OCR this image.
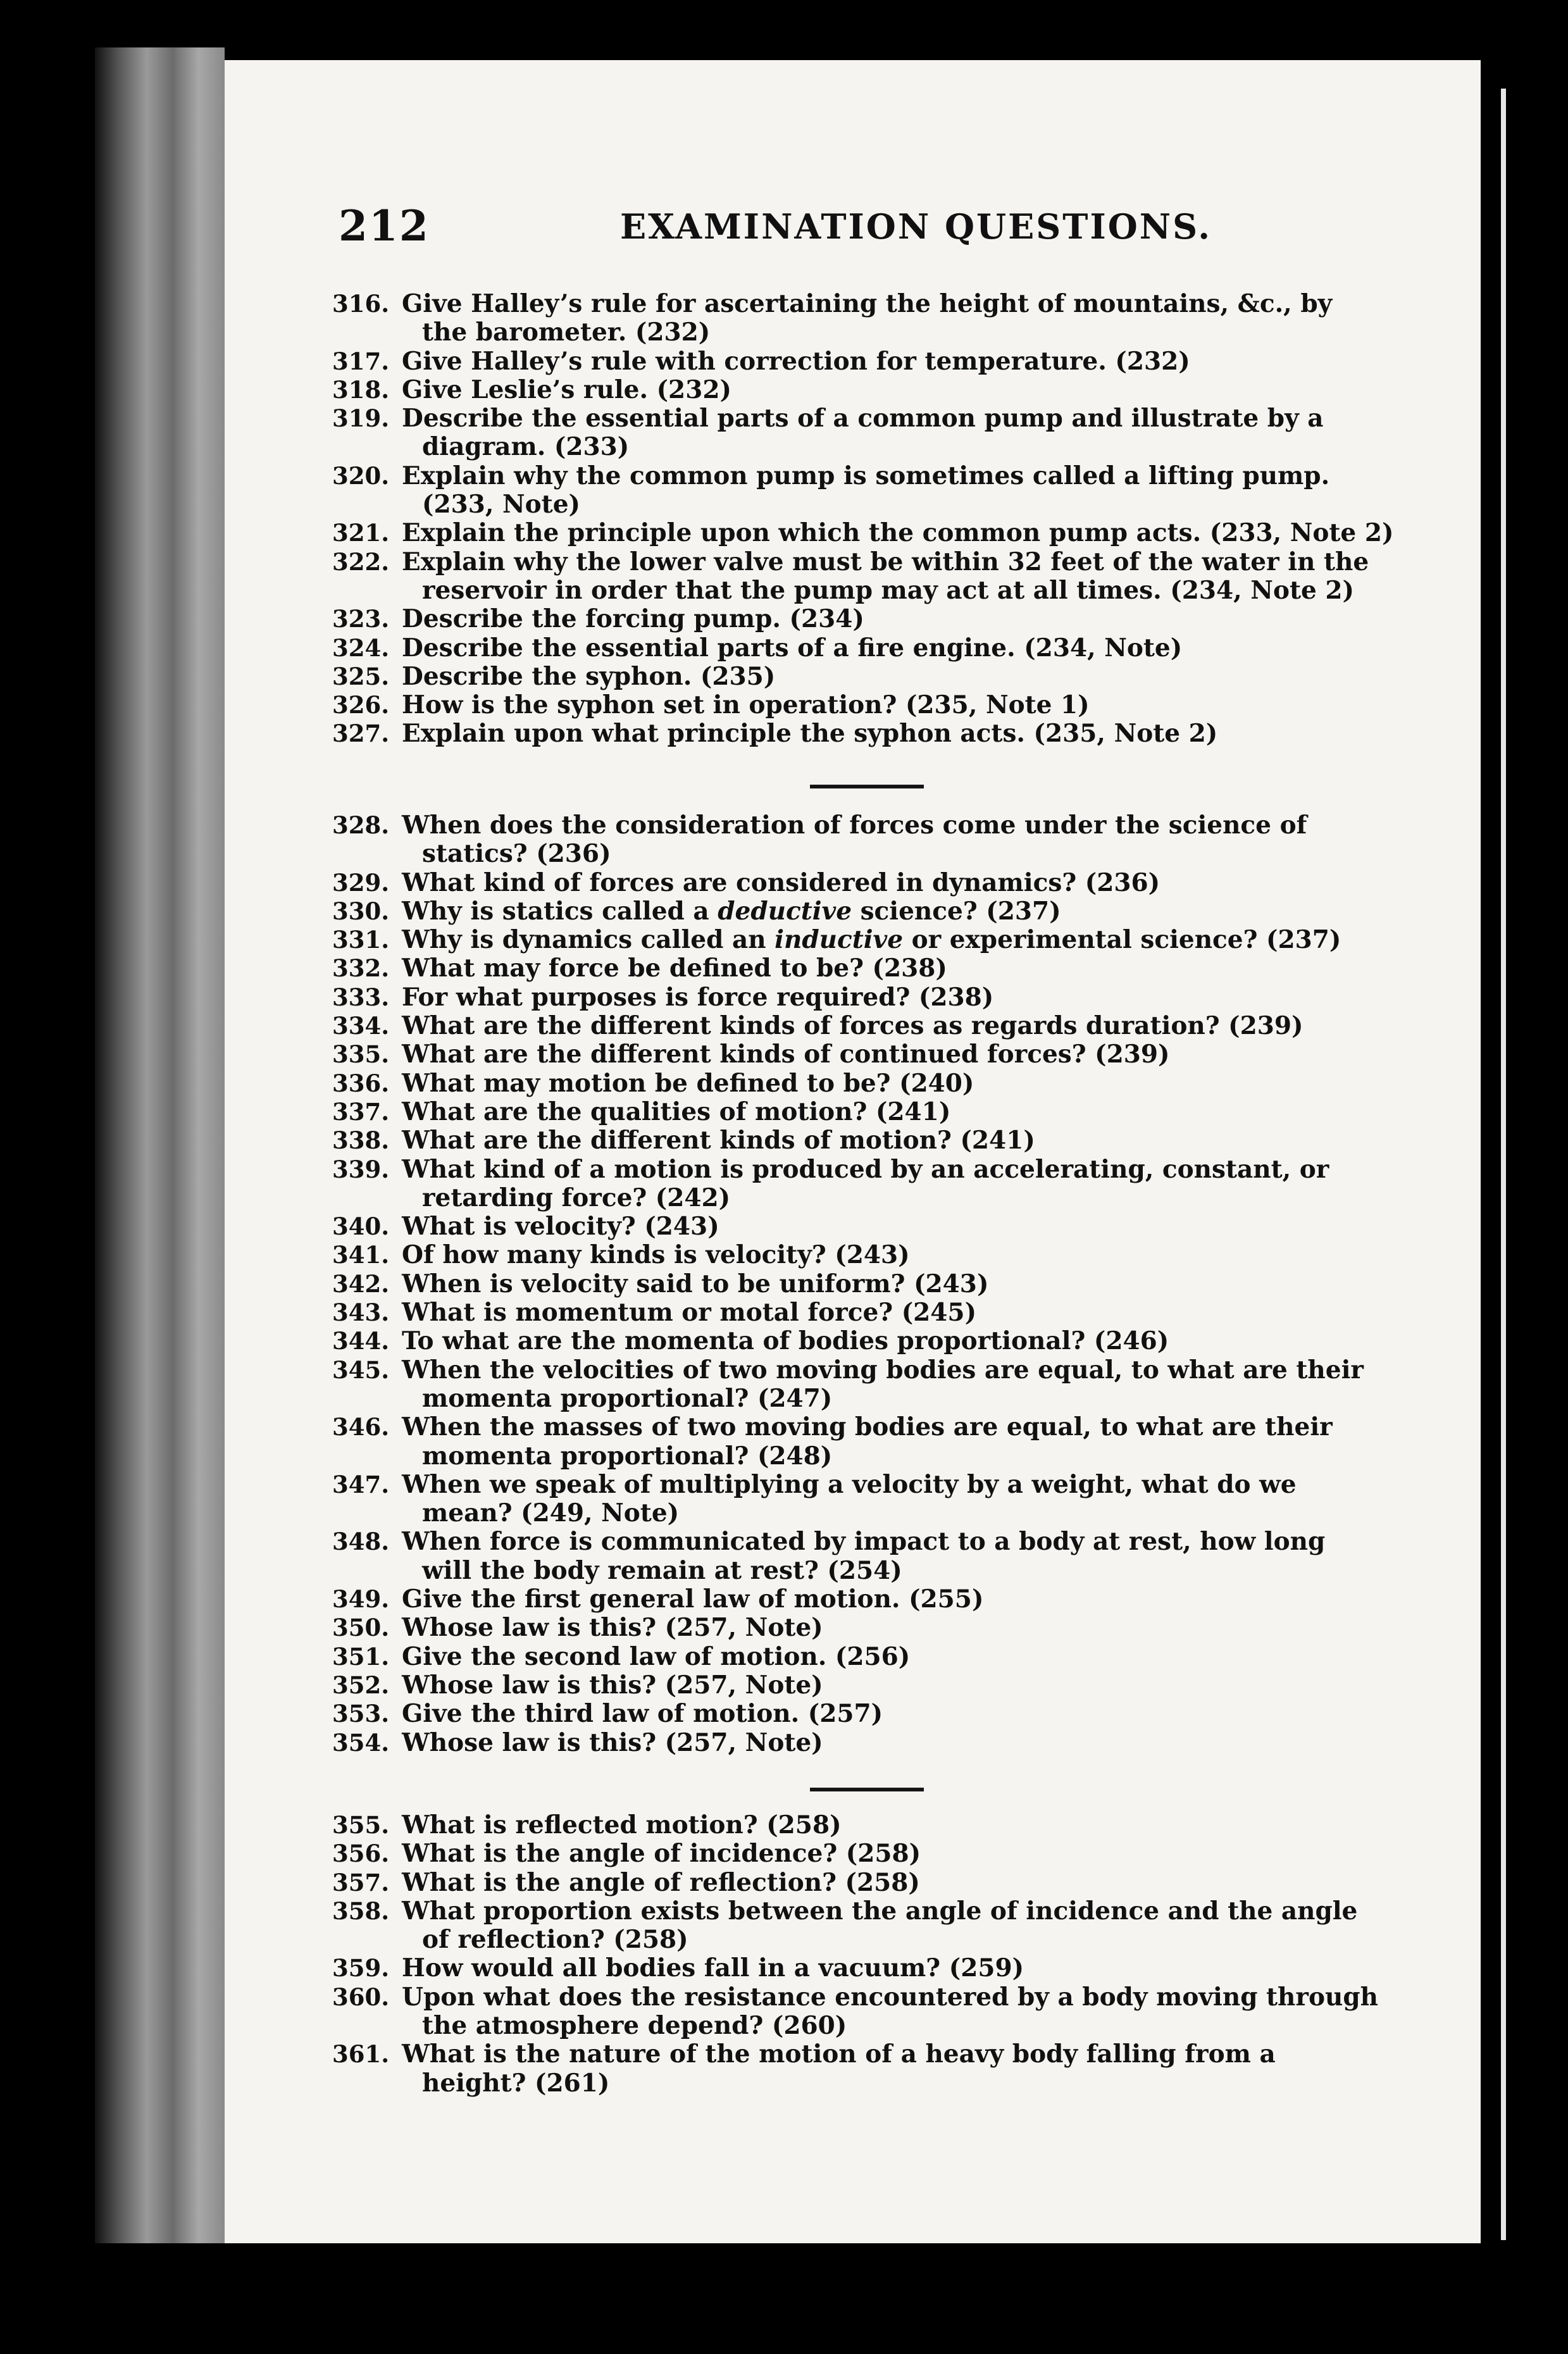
212	EXAMINATION QUESTIONS.
316. Give Halley’s rule for ascertaining the height of mountains, &c., by
the barometer. (232)
317. Give Halley’s rule with correction for temperature. (232)
318. Give Leslie’s rule. (232)
319. Describe the essential parts of a common pump and illustrate by a
diagram. (233)
320. Explain why the common pump is sometimes called a lifting pump.
(233, Note)
321. Explain the principle upon which the common pump acts. (233, Note 2)
322. Explain why the lower valve must be within 32 feet of the water in the
reservoir in order that the pump may act at all times. (234, Note 2)
323. Describe the forcing pump. (234)
324. Describe the essential parts of a fire engine. (234, Note)
325. Describe the syphon. (235)
326. How is the syphon set in operation? (235, Note 1)
327. Explain upon what principle the syphon acts. (235, Note 2)
328. When does the consideration of forces come under the science of
statics? (236)
329. What kind of forces are considered in dynamics? (236)
330. Why is statics called a deductive science? (237)
331. Why is dynamics called an inductive or experimental science? (237)
332. What may force be defined to be? (238)
333. For what purposes is force required? (238)
334. What are the different kinds of forces as regards duration? (239)
335. What are the different kinds of continued forces? (239)
336. What may motion be defined to be? (240)
337. What are the qualities of motion? (241)
338. What are the different kinds of motion? (241)
339. What kind of a motion is produced by an accelerating, constant, or
retarding force? (242)
340. What is velocity? (243)
341. Of how many kinds is velocity? (243)
342. When is velocity said to be uniform? (243)
343. What is momentum or motal force? (245)
344. To what are the momenta of bodies proportional? (246)
345. When the velocities of two moving bodies are equal, to what are their
momenta proportional? (247)
346. When the masses of two moving bodies are equal, to what are their
momenta proportional? (248)
347. When we speak of multiplying a velocity by a weight, what do we
mean? (249, Note)
348. When force is communicated by impact to a body at rest, how long
will the body remain at rest? (254)
349. Give the first general law of motion. (255)
350. Whose law is this? (257, Note)
351. Give the second law of motion. (256)
352. Whose law is this? (257, Note)
353. Give the third law of motion. (257)
354. Whose law is this? (257, Note)
355. What is reflected motion? (258)
356. What is the angle of incidence? (258)
357. What is the angle of reflection? (258)
358. What proportion exists between the angle of incidence and the angle
of reflection? (258)
359. How would all bodies fall in a vacuum? (259)
360. Upon what does the resistance encountered by a body moving through
the atmosphere depend? (260)
361. What is the nature of the motion of a heavy body falling from a
height? (261)
